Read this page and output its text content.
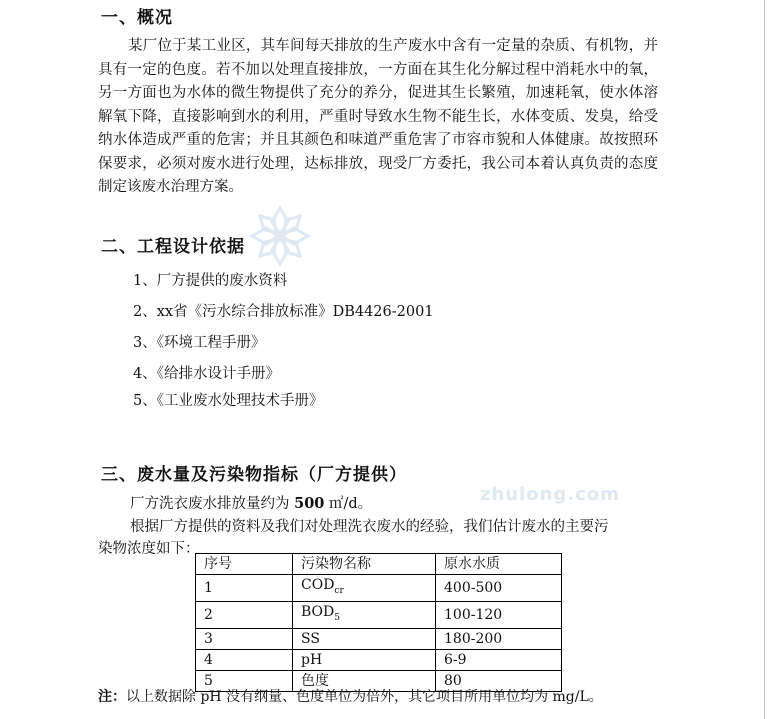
zhulong.com
一、概况

某厂位于某工业区，其车间每天排放的生产废水中含有一定量的杂质、有机物，并具有一定的色度。若不加以处理直接排放，一方面在其生化分解过程中消耗水中的氧，另一方面也为水体的微生物提供了充分的养分，促进其生长繁殖，加速耗氧，使水体溶解氧下降，直接影响到水的利用，严重时导致水生物不能生长，水体变质、发臭，给受纳水体造成严重的危害；并且其颜色和味道严重危害了市容市貌和人体健康。故按照环保要求，必须对废水进行处理，达标排放，现受厂方委托，我公司本着认真负责的态度制定该废水治理方案。

二、工程设计依据

1、厂方提供的废水资料

2、xx省《污水综合排放标准》DB4426-2001

3、《环境工程手册》

4、《给排水设计手册》

5、《工业废水处理技术手册》

三、废水量及污染物指标（厂方提供）

厂方洗衣废水排放量约为 500 ㎡/d。

根据厂方提供的资料及我们对处理洗衣废水的经验，我们估计废水的主要污

染物浓度如下：

序号	污染物名称	原水水质
1	$COD_{cr}$	400-500
2	$BOD_5$	100-120
3	SS	180-200
4	pH	6-9
5	色度	80

注：以上数据除 pH 没有纲量、色度单位为倍外，其它项目所用单位均为 mg/L。
